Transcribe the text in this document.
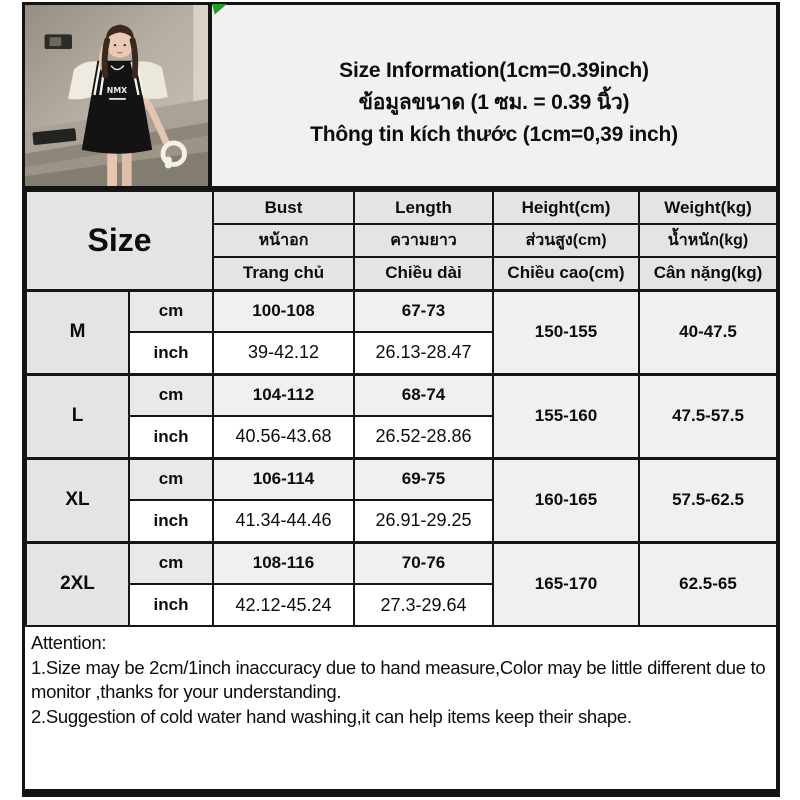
NMX
Size Information(1cm=0.39inch)
ข้อมูลขนาด (1 ซม. = 0.39 นิ้ว)
Thông tin kích thước (1cm=0,39 inch)
Size		Bust	Length	Height(cm)	Weight(kg)
		หน้าอก	ความยาว	ส่วนสูง(cm)	น้ำหนัก(kg)
		Trang chủ	Chiều dài	Chiều cao(cm)	Cân nặng(kg)
M	cm	100-108	67-73	150-155	40-47.5
	inch	39-42.12	26.13-28.47		
L	cm	104-112	68-74	155-160	47.5-57.5
	inch	40.56-43.68	26.52-28.86		
XL	cm	106-114	69-75	160-165	57.5-62.5
	inch	41.34-44.46	26.91-29.25		
2XL	cm	108-116	70-76	165-170	62.5-65
	inch	42.12-45.24	27.3-29.64		

Attention:

1.Size may be 2cm/1inch inaccuracy due to hand measure,Color may be little different due to monitor ,thanks for your understanding.

2.Suggestion of cold water hand washing,it can help items keep their shape.
